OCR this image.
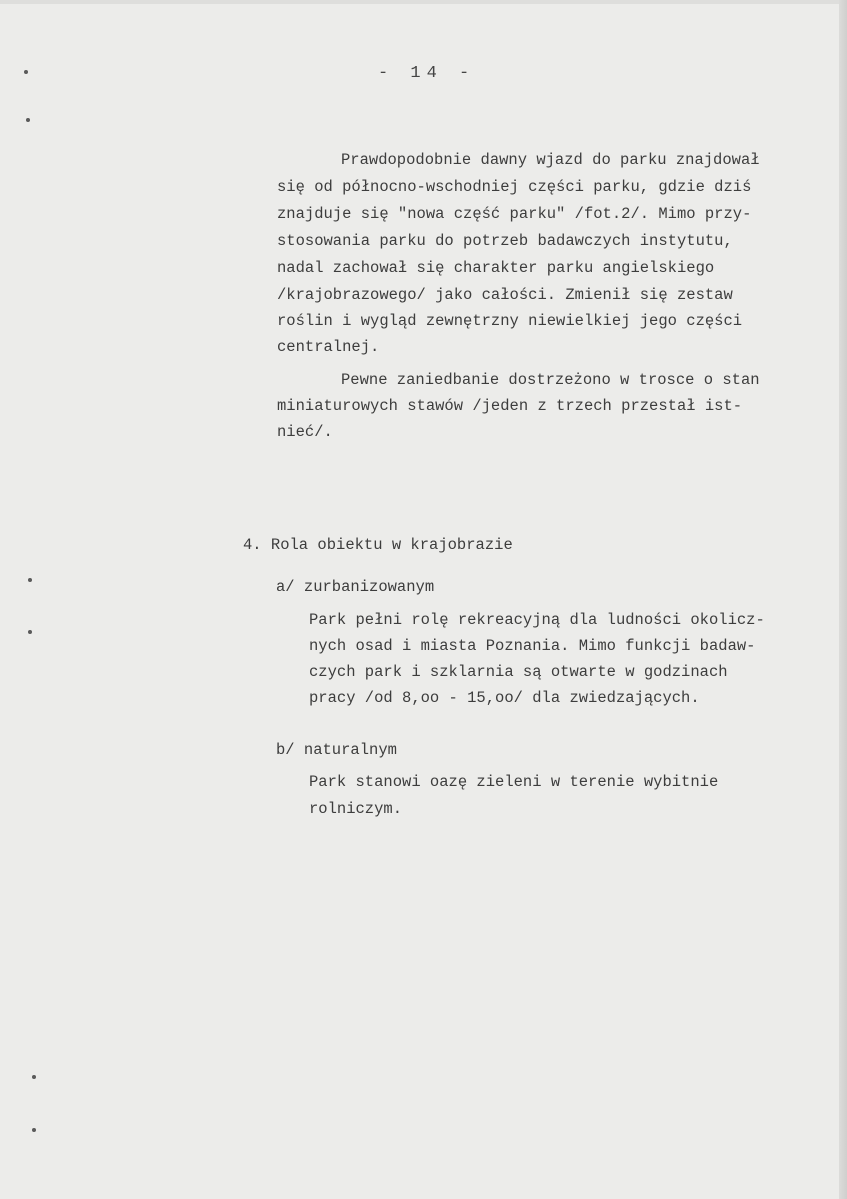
- 14 -
Prawdopodobnie dawny wjazd do parku znajdował
się od północno-wschodniej części parku, gdzie dziś
znajduje się "nowa część parku" /fot.2/. Mimo przy-
stosowania parku do potrzeb badawczych instytutu,
nadal zachował się charakter parku angielskiego
/krajobrazowego/ jako całości. Zmienił się zestaw
roślin i wygląd zewnętrzny niewielkiej jego części
centralnej.
Pewne zaniedbanie dostrzeżono w trosce o stan
miniaturowych stawów /jeden z trzech przestał ist-
nieć/.
4. Rola obiektu w krajobrazie
a/ zurbanizowanym
Park pełni rolę rekreacyjną dla ludności okolicz-
nych osad i miasta Poznania. Mimo funkcji badaw-
czych park i szklarnia są otwarte w godzinach
pracy /od 8,oo - 15,oo/ dla zwiedzających.
b/ naturalnym
Park stanowi oazę zieleni w terenie wybitnie
rolniczym.
